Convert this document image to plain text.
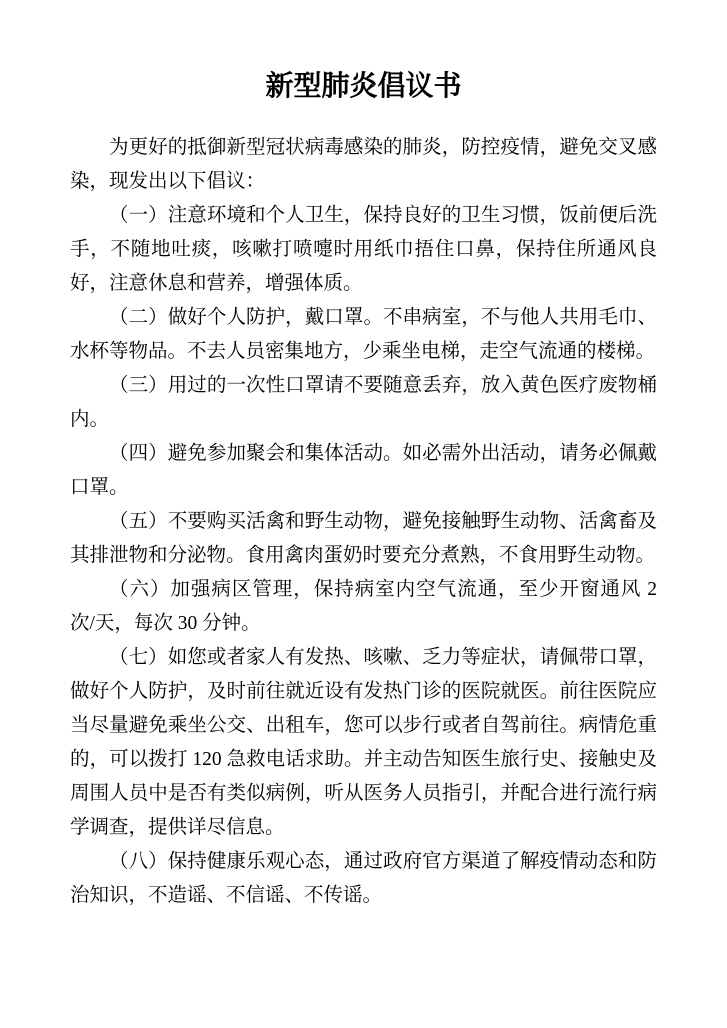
新型肺炎倡议书

为更好的抵御新型冠状病毒感染的肺炎，防控疫情，避免交叉感染，现发出以下倡议：

（一）注意环境和个人卫生，保持良好的卫生习惯，饭前便后洗手，不随地吐痰，咳嗽打喷嚏时用纸巾捂住口鼻，保持住所通风良好，注意休息和营养，增强体质。

（二）做好个人防护，戴口罩。不串病室，不与他人共用毛巾、水杯等物品。不去人员密集地方，少乘坐电梯，走空气流通的楼梯。

（三）用过的一次性口罩请不要随意丢弃，放入黄色医疗废物桶内。

（四）避免参加聚会和集体活动。如必需外出活动，请务必佩戴口罩。

（五）不要购买活禽和野生动物，避免接触野生动物、活禽畜及其排泄物和分泌物。食用禽肉蛋奶时要充分煮熟，不食用野生动物。

（六）加强病区管理，保持病室内空气流通，至少开窗通风 2 次/天，每次 30 分钟。

（七）如您或者家人有发热、咳嗽、乏力等症状，请佩带口罩，做好个人防护，及时前往就近设有发热门诊的医院就医。前往医院应当尽量避免乘坐公交、出租车，您可以步行或者自驾前往。病情危重的，可以拨打 120 急救电话求助。并主动告知医生旅行史、接触史及周围人员中是否有类似病例，听从医务人员指引，并配合进行流行病学调查，提供详尽信息。

（八）保持健康乐观心态，通过政府官方渠道了解疫情动态和防治知识，不造谣、不信谣、不传谣。
